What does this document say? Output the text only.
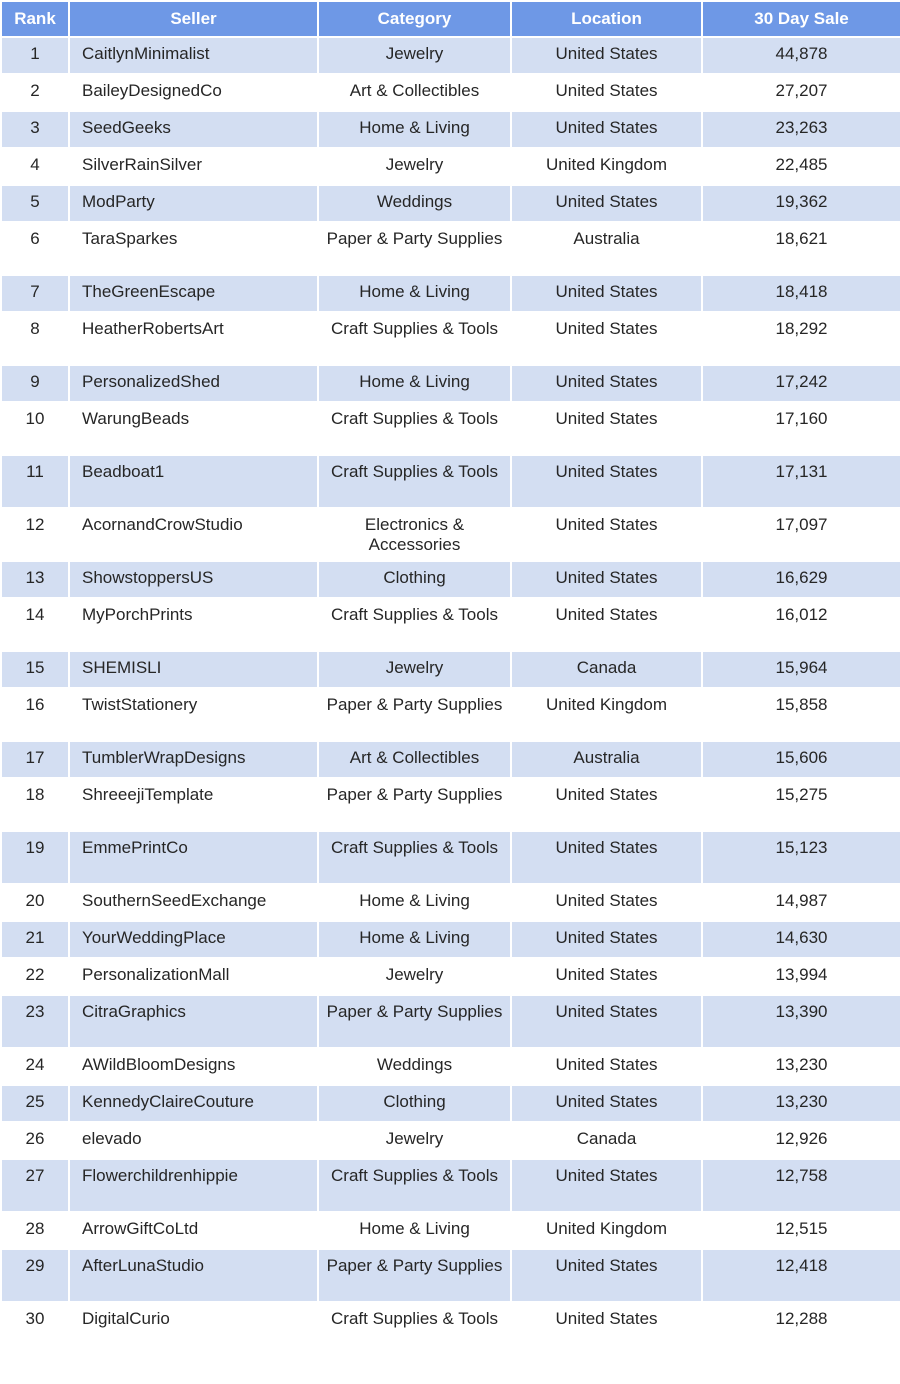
Rank	Seller	Category	Location	30 Day Sale
1	CaitlynMinimalist	Jewelry	United States	44,878
2	BaileyDesignedCo	Art & Collectibles	United States	27,207
3	SeedGeeks	Home & Living	United States	23,263
4	SilverRainSilver	Jewelry	United Kingdom	22,485
5	ModParty	Weddings	United States	19,362
6	TaraSparkes	Paper & Party Supplies	Australia	18,621
7	TheGreenEscape	Home & Living	United States	18,418
8	HeatherRobertsArt	Craft Supplies & Tools	United States	18,292
9	PersonalizedShed	Home & Living	United States	17,242
10	WarungBeads	Craft Supplies & Tools	United States	17,160
11	Beadboat1	Craft Supplies & Tools	United States	17,131
12	AcornandCrowStudio	Electronics & Accessories	United States	17,097
13	ShowstoppersUS	Clothing	United States	16,629
14	MyPorchPrints	Craft Supplies & Tools	United States	16,012
15	SHEMISLI	Jewelry	Canada	15,964
16	TwistStationery	Paper & Party Supplies	United Kingdom	15,858
17	TumblerWrapDesigns	Art & Collectibles	Australia	15,606
18	ShreeejiTemplate	Paper & Party Supplies	United States	15,275
19	EmmePrintCo	Craft Supplies & Tools	United States	15,123
20	SouthernSeedExchange	Home & Living	United States	14,987
21	YourWeddingPlace	Home & Living	United States	14,630
22	PersonalizationMall	Jewelry	United States	13,994
23	CitraGraphics	Paper & Party Supplies	United States	13,390
24	AWildBloomDesigns	Weddings	United States	13,230
25	KennedyClaireCouture	Clothing	United States	13,230
26	elevado	Jewelry	Canada	12,926
27	Flowerchildrenhippie	Craft Supplies & Tools	United States	12,758
28	ArrowGiftCoLtd	Home & Living	United Kingdom	12,515
29	AfterLunaStudio	Paper & Party Supplies	United States	12,418
30	DigitalCurio	Craft Supplies & Tools	United States	12,288
